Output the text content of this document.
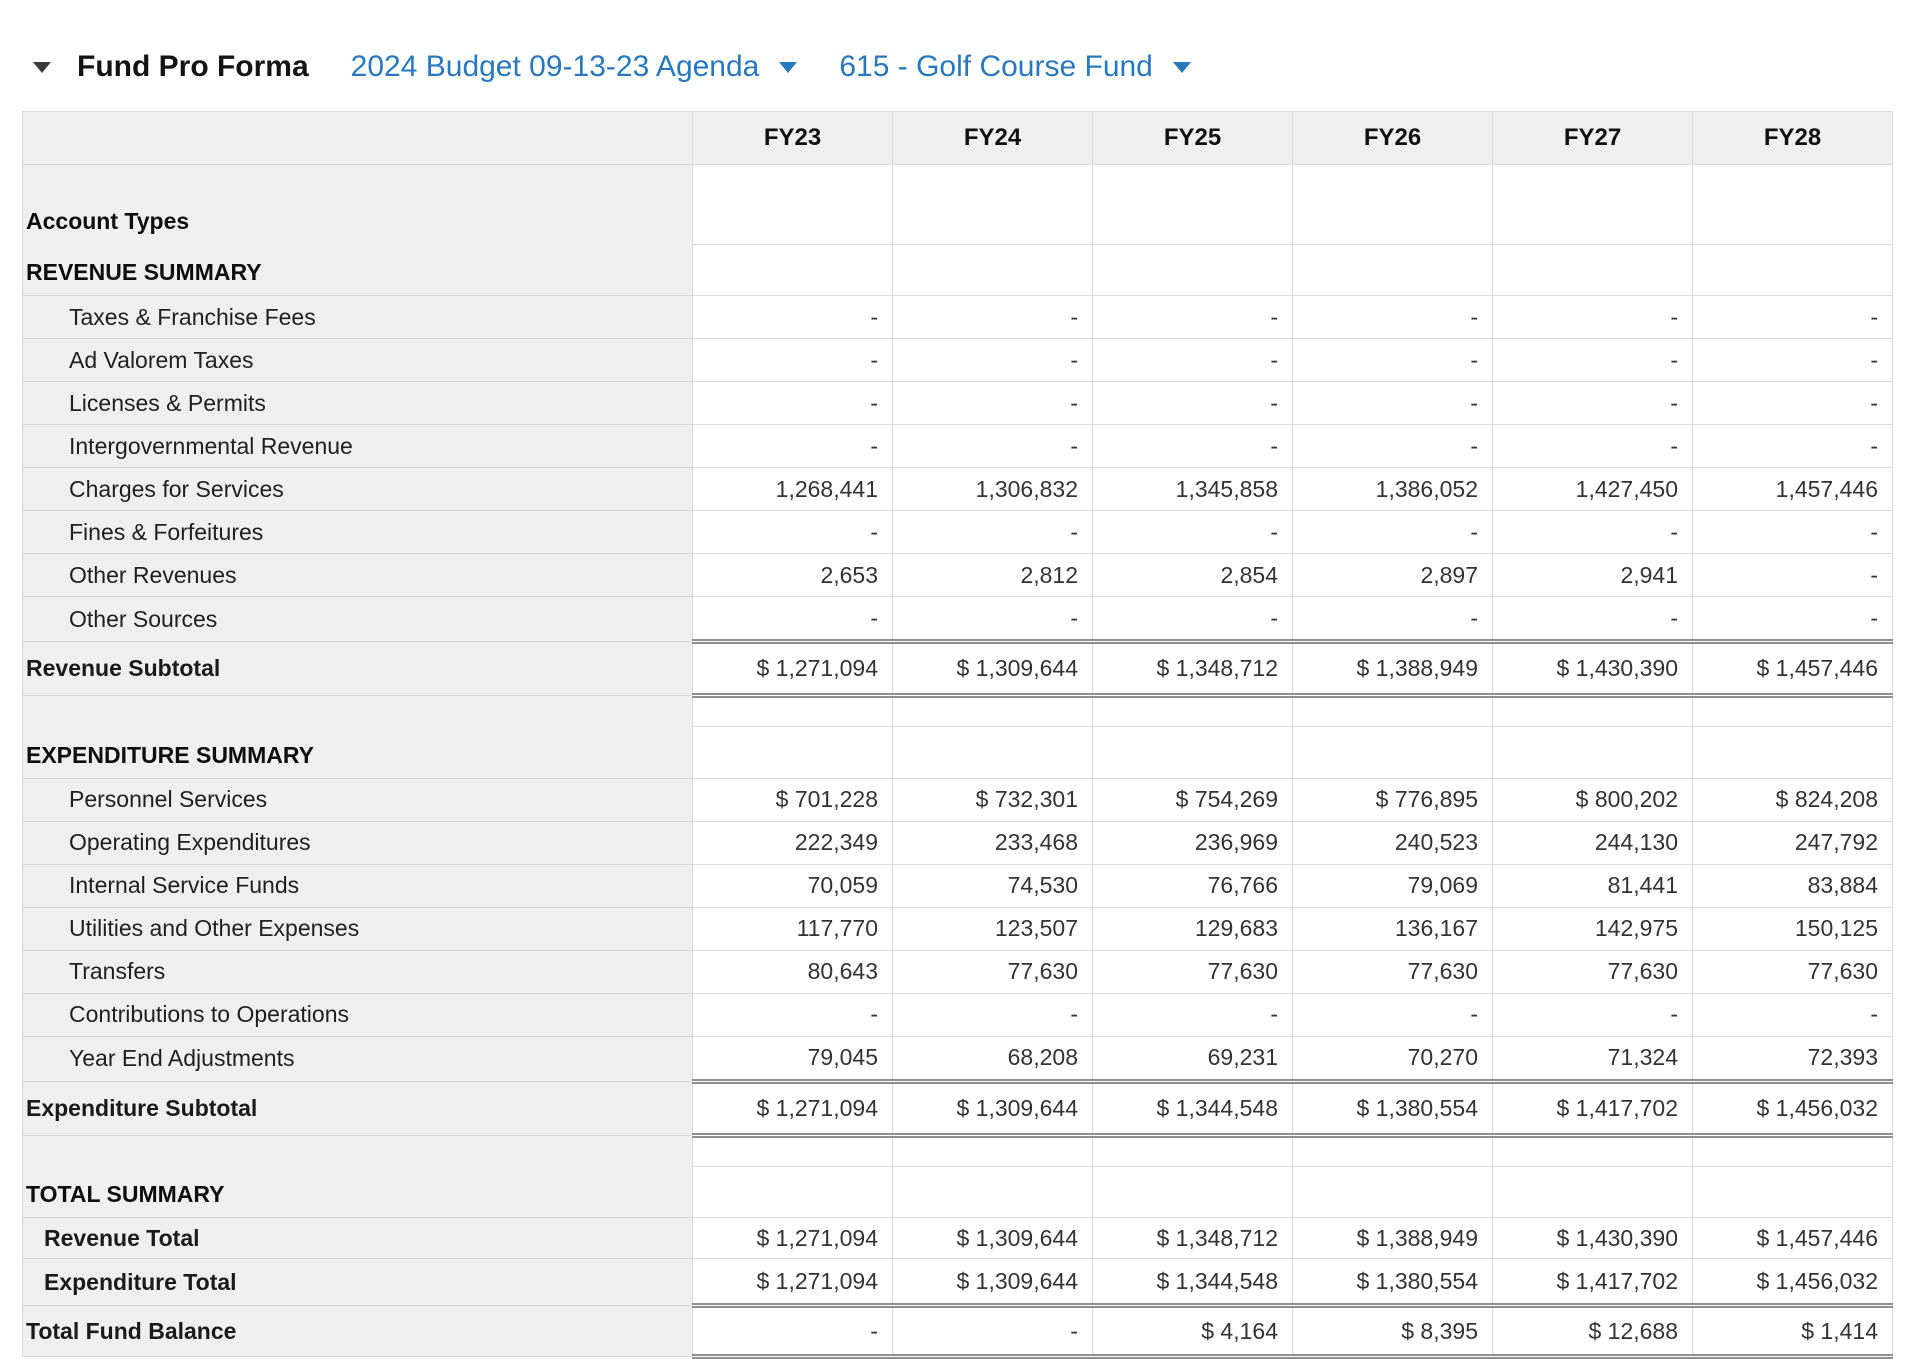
Fund Pro Forma 2024 Budget 09-13-23 Agenda	615 - Golf Course Fund
	FY23	FY24	FY25	FY26	FY27	FY28
Account Types						
REVENUE SUMMARY						
Taxes & Franchise Fees	-	-	-	-	-	-
Ad Valorem Taxes	-	-	-	-	-	-
Licenses & Permits	-	-	-	-	-	-
Intergovernmental Revenue	-	-	-	-	-	-
Charges for Services	1,268,441	1,306,832	1,345,858	1,386,052	1,427,450	1,457,446
Fines & Forfeitures	-	-	-	-	-	-
Other Revenues	2,653	2,812	2,854	2,897	2,941	-
Other Sources	-	-	-	-	-	-
Revenue Subtotal	$ 1,271,094	$ 1,309,644	$ 1,348,712	$ 1,388,949	$ 1,430,390	$ 1,457,446

EXPENDITURE SUMMARY						
Personnel Services	$ 701,228	$ 732,301	$ 754,269	$ 776,895	$ 800,202	$ 824,208
Operating Expenditures	222,349	233,468	236,969	240,523	244,130	247,792
Internal Service Funds	70,059	74,530	76,766	79,069	81,441	83,884
Utilities and Other Expenses	117,770	123,507	129,683	136,167	142,975	150,125
Transfers	80,643	77,630	77,630	77,630	77,630	77,630
Contributions to Operations	-	-	-	-	-	-
Year End Adjustments	79,045	68,208	69,231	70,270	71,324	72,393
Expenditure Subtotal	$ 1,271,094	$ 1,309,644	$ 1,344,548	$ 1,380,554	$ 1,417,702	$ 1,456,032

TOTAL SUMMARY						
Revenue Total	$ 1,271,094	$ 1,309,644	$ 1,348,712	$ 1,388,949	$ 1,430,390	$ 1,457,446
Expenditure Total	$ 1,271,094	$ 1,309,644	$ 1,344,548	$ 1,380,554	$ 1,417,702	$ 1,456,032
Total Fund Balance	-	-	$ 4,164	$ 8,395	$ 12,688	$ 1,414
